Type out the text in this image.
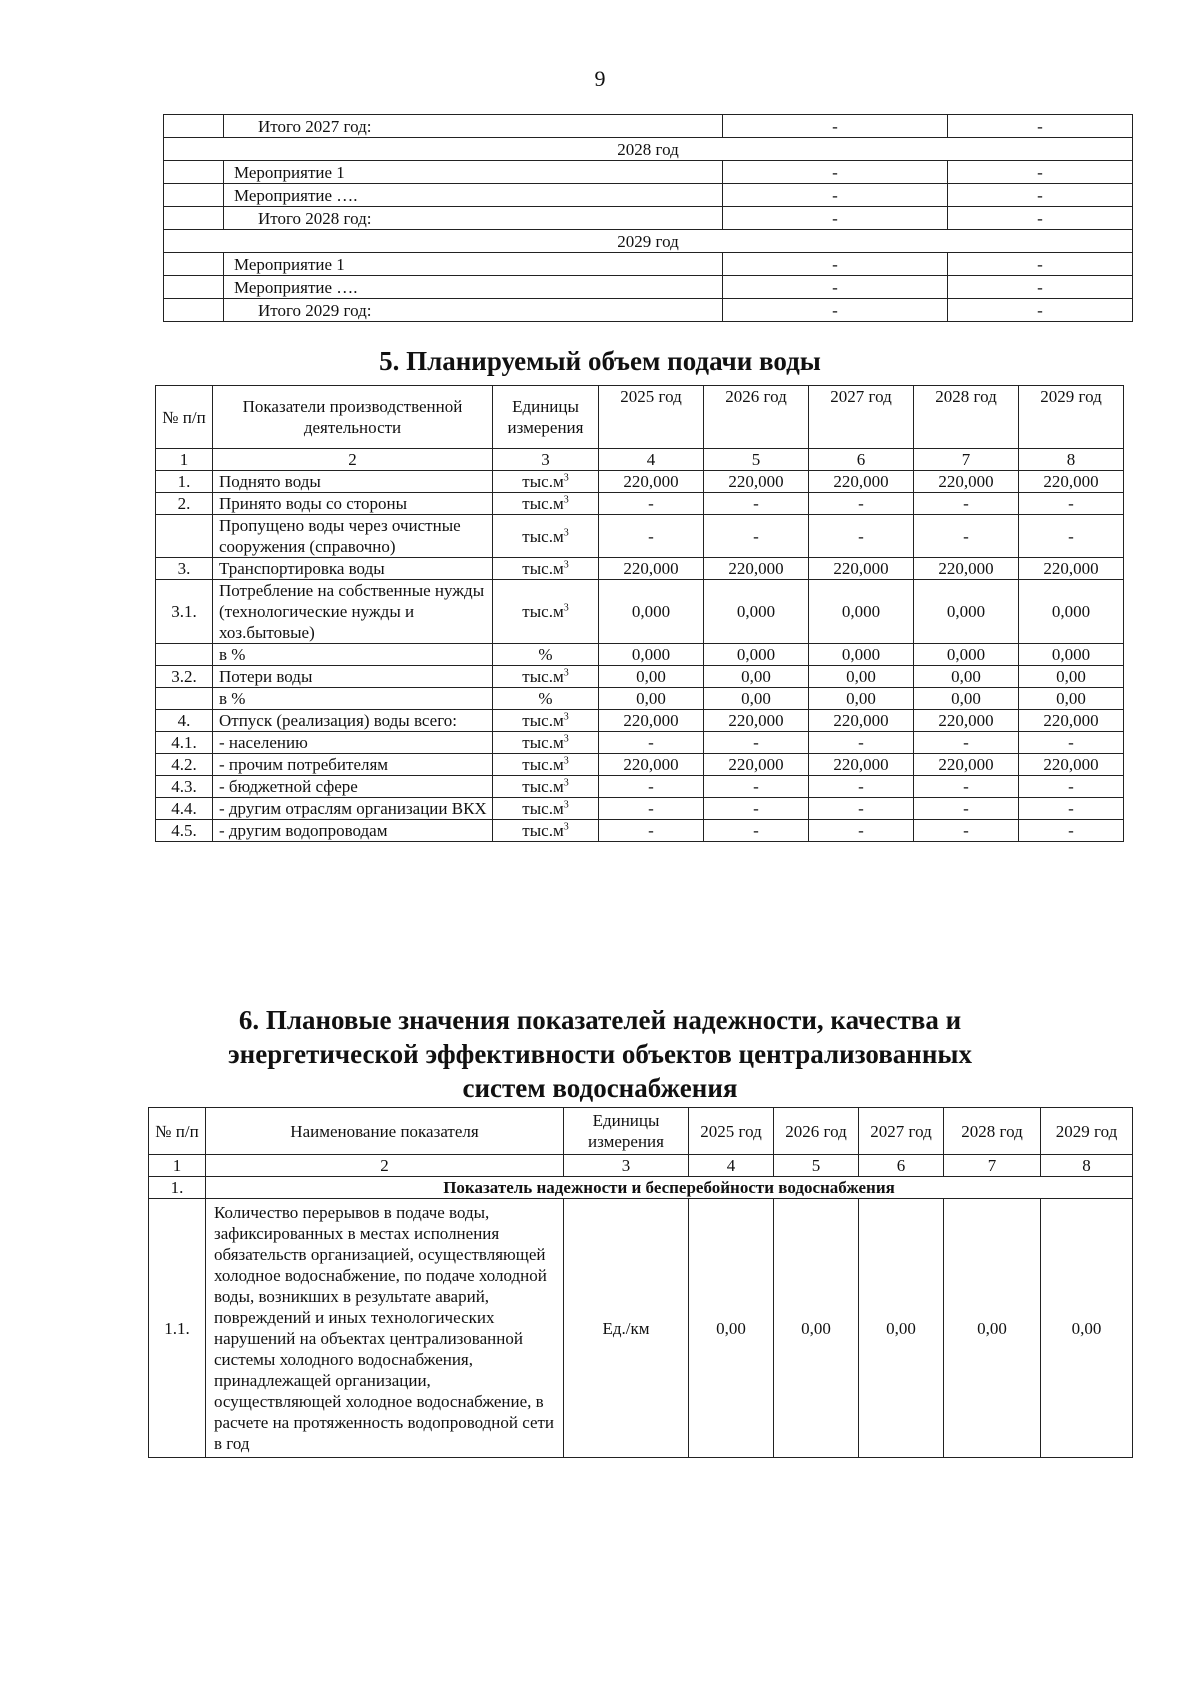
9
	Итого 2027 год:	-	-
2028 год			
	Мероприятие 1	-	-
	Мероприятие ….	-	-
	Итого 2028 год:	-	-
2029 год			
	Мероприятие 1	-	-
	Мероприятие ….	-	-
	Итого 2029 год:	-	-
5. Планируемый объем подачи воды
№ п/п	Показатели производственной деятельности	Единицы измерения	2025 год	2026 год	2027 год	2028 год	2029 год
1	2	3	4	5	6	7	8
1.	Поднято воды	$тыс.м^3$	220,000	220,000	220,000	220,000	220,000
2.	Принято воды со стороны	$тыс.м^3$	-	-	-	-	-
	Пропущено воды через очистные сооружения (справочно)	$тыс.м^3$	-	-	-	-	-
3.	Транспортировка воды	$тыс.м^3$	220,000	220,000	220,000	220,000	220,000
3.1.	Потребление на собственные нужды (технологические нужды и хоз.бытовые)	$тыс.м^3$	0,000	0,000	0,000	0,000	0,000
	в %	%	0,000	0,000	0,000	0,000	0,000
3.2.	Потери воды	$тыс.м^3$	0,00	0,00	0,00	0,00	0,00
	в %	%	0,00	0,00	0,00	0,00	0,00
4.	Отпуск (реализация) воды всего:	$тыс.м^3$	220,000	220,000	220,000	220,000	220,000
4.1.	- населению	$тыс.м^3$	-	-	-	-	-
4.2.	- прочим потребителям	$тыс.м^3$	220,000	220,000	220,000	220,000	220,000
4.3.	- бюджетной сфере	$тыс.м^3$	-	-	-	-	-
4.4.	- другим отраслям организации ВКХ	$тыс.м^3$	-	-	-	-	-
4.5.	- другим водопроводам	$тыс.м^3$	-	-	-	-	-
6. Плановые значения показателей надежности, качества и энергетической эффективности объектов централизованных систем водоснабжения
№ п/п	Наименование показателя	Единицы измерения	2025 год	2026 год	2027 год	2028 год	2029 год
1	2	3	4	5	6	7	8
1.	Показатель надежности и бесперебойности водоснабжения						
1.1.	Количество перерывов в подаче воды, зафиксированных в местах исполнения обязательств организацией, осуществляющей холодное водоснабжение, по подаче холодной воды, возникших в результате аварий, повреждений и иных технологических нарушений на объектах централизованной системы холодного водоснабжения, принадлежащей организации, осуществляющей холодное водоснабжение, в расчете на протяженность водопроводной сети в год	Ед./км	0,00	0,00	0,00	0,00	0,00
